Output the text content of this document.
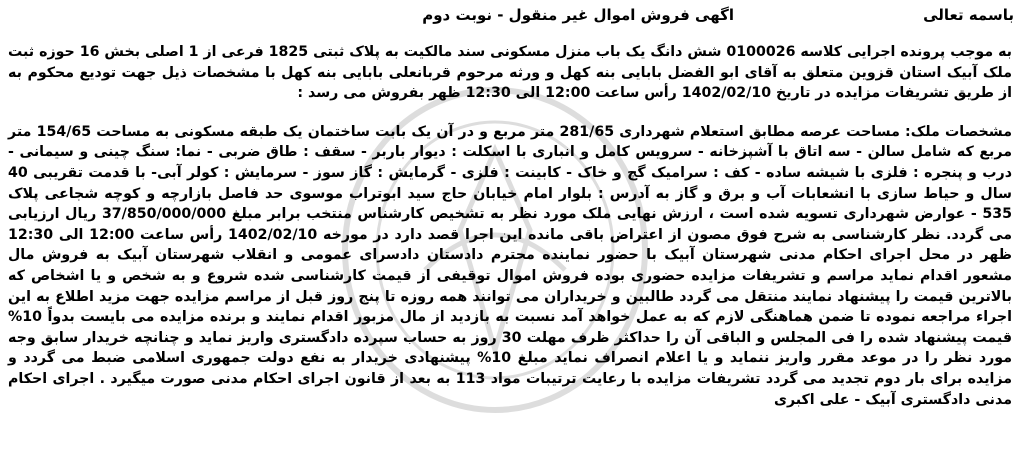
باسمه تعالی
اگهی فروش اموال غیر منقول - نوبت دوم

به موجب پرونده اجرایی کلاسه 0100026 شش دانگ یک باب منزل مسکونی سند مالکیت به پلاک ثبتی 1825 فرعی از 1 اصلی بخش 16 حوزه ثبت ملک آبیک استان قزوین متعلق به آقای ابو الفضل بابایی بنه کهل و ورثه مرحوم قربانعلی بابایی بنه کهل با مشخصات ذیل جهت تودیع محکوم به از طریق تشریفات مزایده در تاریخ 1402/02/10 رأس ساعت 12:00 الی 12:30 ظهر بفروش می رسد :

مشخصات ملک: مساحت عرصه مطابق استعلام شهرداری 281/65 متر مربع و در آن یک بابت ساختمان یک طبقه مسکونی به مساحت 154/65 متر مربع که شامل سالن - سه اتاق با آشپزخانه - سرویس کامل و انباری با اسکلت : دیوار باربر - سقف : طاق ضربی - نما: سنگ چینی و سیمانی - درب و پنجره : فلزی با شیشه ساده - کف : سرامیک گچ و خاک - کابینت : فلزی - گرمایش : گاز سوز - سرمایش : کولر آبی- با قدمت تقریبی 40 سال و حیاط سازی با انشعابات آب و برق و گاز به آدرس : بلوار امام خیابان حاج سید ابوتراب موسوی حد فاصل بازارچه و کوچه شجاعی پلاک 535 - عوارض شهرداری تسویه شده است ، ارزش نهایی ملک مورد نظر به تشخیص کارشناس منتخب برابر مبلغ 37/850/000/000 ریال ارزیابی می گردد. نظر کارشناسی به شرح فوق مصون از اعتراض باقی مانده این اجرا قصد دارد در مورخه 1402/02/10 رأس ساعت 12:00 الی 12:30 ظهر در محل اجرای احکام مدنی شهرستان آبیک با حضور نماینده محترم دادستان دادسرای عمومی و انقلاب شهرستان آبیک به فروش مال مشعور اقدام نماید مراسم و تشریفات مزایده حضوری بوده فروش اموال توقیفی از قیمت کارشناسی شده شروع و به شخص و یا اشخاص که بالاترین قیمت را پیشنهاد نمایند منتقل می گردد طالبین و خریداران می توانند همه روزه تا پنج روز قبل از مراسم مزایده جهت مزید اطلاع به این اجراء مراجعه نموده تا ضمن هماهنگی لازم که به عمل خواهد آمد نسبت به بازدید از مال مزبور اقدام نمایند و برنده مزایده می بایست بدواً 10% قیمت پیشنهاد شده را فی المجلس و الباقی آن را حداکثر ظرف مهلت 30 روز به حساب سپرده دادگستری واریز نماید و چنانچه خریدار سابق وجه مورد نظر را در موعد مقرر واریز ننماید و یا اعلام انصراف نماید مبلغ 10% پیشنهادی خریدار به نفع دولت جمهوری اسلامی ضبط می گردد و مزایده برای بار دوم تجدید می گردد تشریفات مزایده با رعایت ترتیبات مواد 113 به بعد از قانون اجرای احکام مدنی صورت میگیرد . اجرای احکام مدنی دادگستری آبیک - علی اکبری
